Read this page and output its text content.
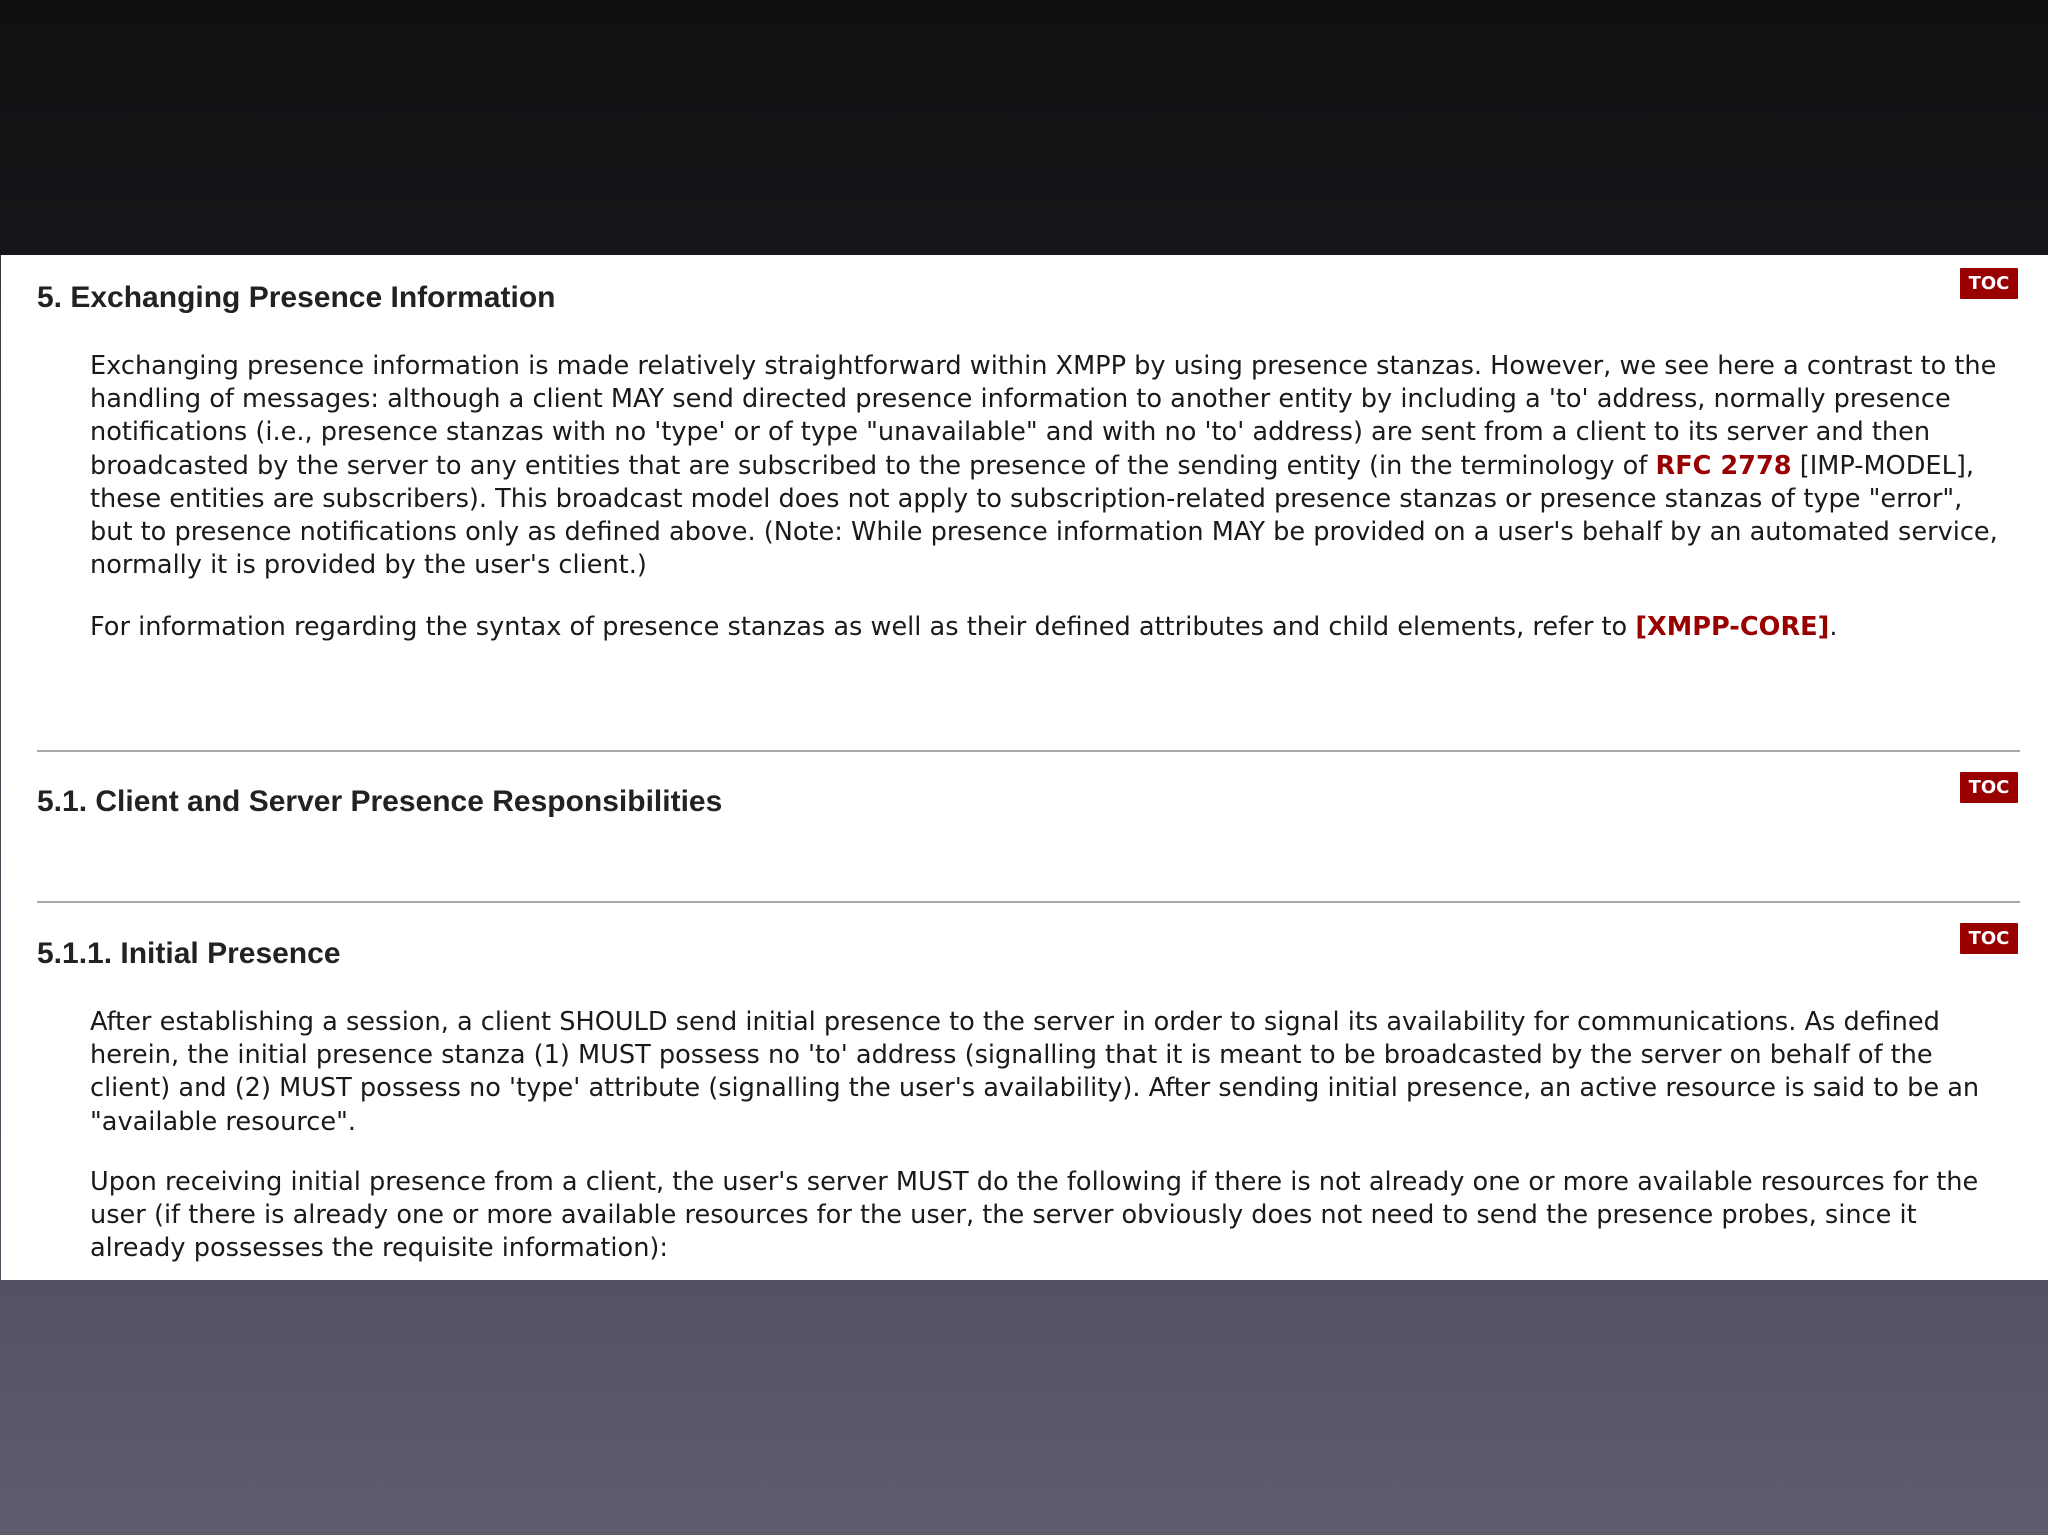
5. Exchanging Presence Information	TOC

Exchanging presence information is made relatively straightforward within XMPP by using presence stanzas. However, we see here a contrast to the handling of messages: although a client MAY send directed presence information to another entity by including a 'to' address, normally presence notifications (i.e., presence stanzas with no 'type' or of type "unavailable" and with no 'to' address) are sent from a client to its server and then broadcasted by the server to any entities that are subscribed to the presence of the sending entity (in the terminology of RFC 2778 [IMP-MODEL], these entities are subscribers). This broadcast model does not apply to subscription-related presence stanzas or presence stanzas of type "error", but to presence notifications only as defined above. (Note: While presence information MAY be provided on a user's behalf by an automated service, normally it is provided by the user's client.)

For information regarding the syntax of presence stanzas as well as their defined attributes and child elements, refer to [XMPP-CORE].

5.1. Client and Server Presence Responsibilities	TOC
5.1.1. Initial Presence	TOC

After establishing a session, a client SHOULD send initial presence to the server in order to signal its availability for communications. As defined herein, the initial presence stanza (1) MUST possess no 'to' address (signalling that it is meant to be broadcasted by the server on behalf of the client) and (2) MUST possess no 'type' attribute (signalling the user's availability). After sending initial presence, an active resource is said to be an "available resource".

Upon receiving initial presence from a client, the user's server MUST do the following if there is not already one or more available resources for the user (if there is already one or more available resources for the user, the server obviously does not need to send the presence probes, since it already possesses the requisite information):
